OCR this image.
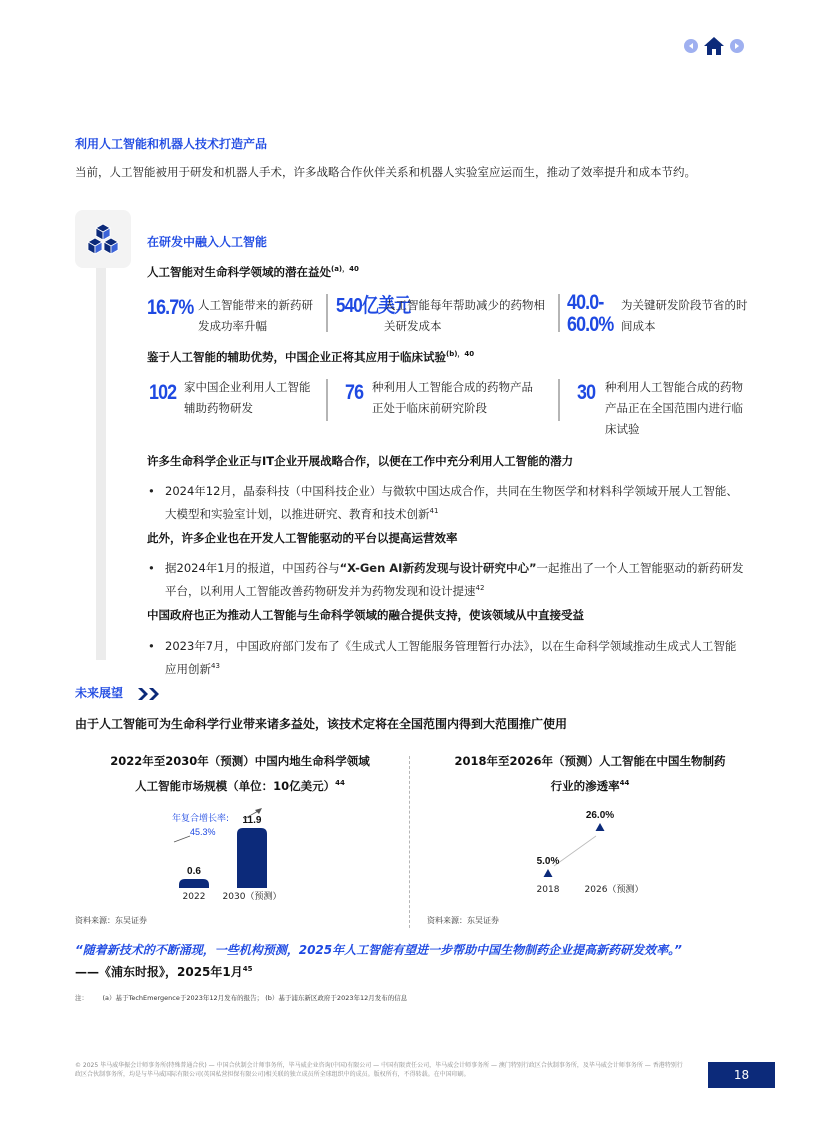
利用人工智能和机器人技术打造产品
当前，人工智能被用于研发和机器人手术，许多战略合作伙伴关系和机器人实验室应运而生，推动了效率提升和成本节约。
在研发中融入人工智能
人工智能对生命科学领域的潜在益处$^{(a),40}$
16.7% 人工智能带来的新药研发成功率升幅
540亿美元
人工智能每年帮助减少的药物相关研发成本
40.0-60.0%
为关键研发阶段节省的时间成本
鉴于人工智能的辅助优势，中国企业正将其应用于临床试验$^{(b),40}$
102 家中国企业利用人工智能辅助药物研发
76 种利用人工智能合成的药物产品正处于临床前研究阶段
30 种利用人工智能合成的药物产品正在全国范围内进行临床试验
许多生命科学企业正与IT企业开展战略合作，以便在工作中充分利用人工智能的潜力
• 2024年12月，晶泰科技（中国科技企业）与微软中国达成合作，共同在生物医学和材料科学领域开展人工智能、大模型和实验室计划，以推进研究、教育和技术创新$^{41}$
此外，许多企业也在开发人工智能驱动的平台以提高运营效率
• 据2024年1月的报道，中国药谷与“X-Gen AI新药发现与设计研究中心”一起推出了一个人工智能驱动的新药研发平台，以利用人工智能改善药物研发并为药物发现和设计提速$^{42}$
中国政府也正为推动人工智能与生命科学领域的融合提供支持，使该领域从中直接受益
• 2023年7月，中国政府部门发布了《生成式人工智能服务管理暂行办法》，以在生命科学领域推动生成式人工智能应用创新$^{43}$
未来展望
由于人工智能可为生命科学行业带来诸多益处，该技术定将在全国范围内得到大范围推广使用
2022年至2030年（预测）中国内地生命科学领域
人工智能市场规模（单位：10亿美元）$^{44}$
0.6
2022
11.9
2030（预测）
年复合增长率:
45.3%
资料来源：东吴证券
2018年至2026年（预测）人工智能在中国生物制药
行业的渗透率$^{44}$
5.0%
2018
26.0%
2026（预测）
资料来源：东吴证券
“随着新技术的不断涌现，一些机构预测，2025年人工智能有望进一步帮助中国生物制药企业提高新药研发效率。”
——《浦东时报》，2025年1月$^{45}$
注： (a）基于TechEmergence于2023年12月发布的报告； (b）基于浦东新区政府于2023年12月发布的信息
© 2025 毕马威华振会计师事务所(特殊普通合伙) — 中国合伙制会计师事务所，毕马威企业咨询(中国)有限公司 — 中国有限责任公司，毕马威会计师事务所 — 澳门特别行政区合伙制事务所，及毕马威会计师事务所 — 香港特别行政区合伙制事务所，均是与毕马威国际有限公司(英国私营担保有限公司)相关联的独立成员所全球组织中的成员。版权所有，不得转载。在中国印刷。	18
